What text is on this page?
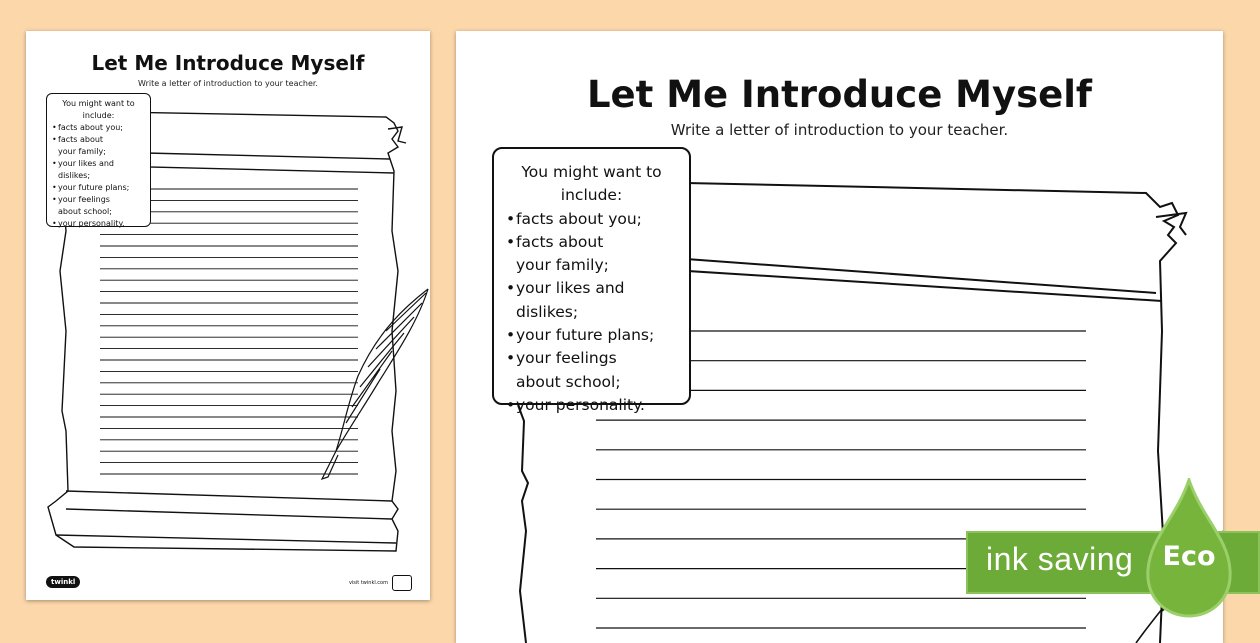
Let Me Introduce Myself

Write a letter of introduction to your teacher.

You might want to include:

• facts about you;
• facts about
your family;
• your likes and dislikes;
• your future plans;
• your feelings
about school;
• your personality.
twinkl	visit twinkl.com
Let Me Introduce Myself

Write a letter of introduction to your teacher.

You might want to include:

• facts about you;
• facts about
your family;
• your likes and dislikes;
• your future plans;
• your feelings
about school;
• your personality.
ink saving Eco
